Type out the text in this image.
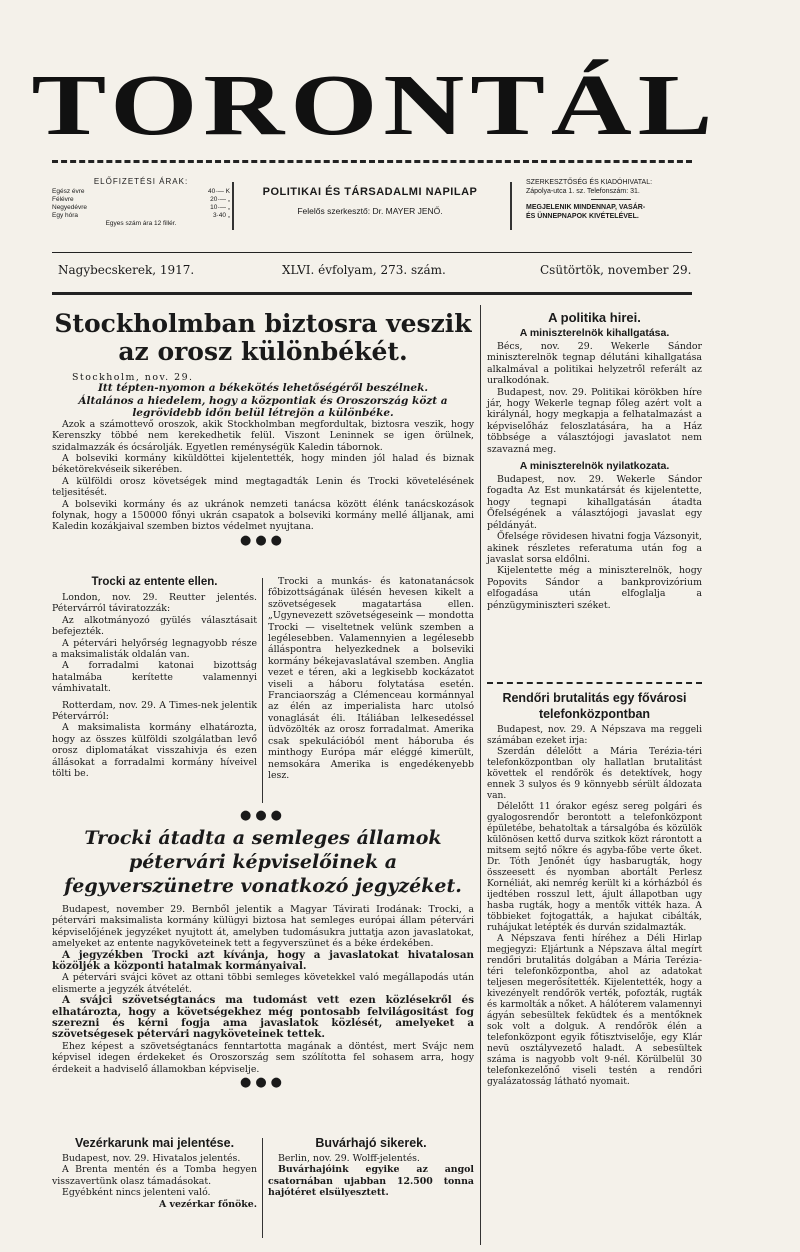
TORONTÁL
ELŐFIZETÉSI ÁRAK:
Egész évre	40·— K
Félévre	20·— „
Negyedévre	10·— „
Egy hóra	3·40 „
Egyes szám ára 12 fillér.
POLITIKAI ÉS TÁRSADALMI NAPILAP
Felelős szerkesztő: Dr. MAYER JENŐ.
SZERKESZTŐSÉG ÉS KIADÓHIVATAL:
Zápolya-utca 1. sz. Telefonszám: 31.
MEGJELENIK MINDENNAP, VASÁR-
ÉS ÜNNEPNAPOK KIVÉTELÉVEL.
Nagybecskerek, 1917.	XLVI. évfolyam, 273. szám.	Csütörtök, november 29.
Stockholmban biztosra veszik az orosz különbékét.
Stockholm, nov. 29.
Itt tépten-nyomon a békekötés lehetőségéről beszélnek.
Általános a hiedelem, hogy a központiak és Oroszország közt a legrövidebb időn belül létrejön a különbéke.

Azok a számottevő oroszok, akik Stockholmban megfordultak, biztosra veszik, hogy Kerenszky többé nem kerekedhetik felül. Viszont Leninnek se igen örülnek, szidalmazzák és ócsárolják. Egyetlen reménységük Kaledin tábornok.

A bolseviki kormány kiküldöttei kijelentették, hogy minden jól halad és biznak béketörekvéseik sikerében.

A külföldi orosz követségek mind megtagadták Lenin és Trocki követelésének teljesitését.

A bolseviki kormány és az ukránok nemzeti tanácsa között élénk tanácskozások folynak, hogy a 150000 főnyi ukrán csapatok a bolseviki kormány mellé álljanak, ami Kaledin kozákjaival szemben biztos védelmet nyujtana.

●●●
Trocki az entente ellen.

London, nov. 29. Reutter jelentés. Pétervárról táviratozzák:

Az alkotmányozó gyülés választásait befejezték.

A pétervári helyőrség legnagyobb része a maksimalisták oldalán van.

A forradalmi katonai bizottság hatalmába kerítette valamennyi vámhivatalt.

Rotterdam, nov. 29. A Times-nek jelentik Pétervárról:

A maksimalista kormány elhatározta, hogy az összes külföldi szolgálatban levő orosz diplomatákat visszahivja és ezen állásokat a forradalmi kormány híveivel tölti be.

Trocki a munkás- és katonatanácsok főbizottságának ülésén hevesen kikelt a szövetségesek magatartása ellen. „Ugynevezett szövetségeseink — mondotta Trocki — viseltetnek velünk szemben a legélesebben. Valamennyien a legélesebb álláspontra helyezkednek a bolseviki kormány békejavaslatával szemben. Anglia vezet e téren, aki a legkisebb kockázatot viseli a háboru folytatása esetén. Franciaország a Clémenceau kormánnyal az élén az imperialista harc utolsó vonaglását éli. Itáliában lelkesedéssel üdvözölték az orosz forradalmat. Amerika csak spekulációból ment háboruba és minthogy Európa már eléggé kimerült, nemsokára Amerika is engedékenyebb lesz.

●●●
Trocki átadta a semleges államok pétervári képviselőinek a fegyverszünetre vonatkozó jegyzéket.

Budapest, november 29. Bernből jelentik a Magyar Távirati Irodának: Trocki, a pétervári maksimalista kormány külügyi biztosa hat semleges európai állam pétervári képviselőjének jegyzéket nyujtott át, amelyben tudomásukra juttatja azon javaslatokat, amelyeket az entente nagyköveteinek tett a fegyverszünet és a béke érdekében.

A jegyzékben Trocki azt kívánja, hogy a javaslatokat hivatalosan közöljék a központi hatalmak kormányaival.

A pétervári svájci követ az ottani többi semleges követekkel való megállapodás után elismerte a jegyzék átvételét.

A svájci szövetségtanács ma tudomást vett ezen közlésekről és elhatározta, hogy a követségekhez még pontosabb felvilágositást fog szerezni és kérni fogja ama javaslatok közlését, amelyeket a szövetségesek pétervári nagyköveteinek tettek.

Ehez képest a szövetségtanács fenntartotta magának a döntést, mert Svájc nem képvisel idegen érdekeket és Oroszország sem szólította fel sohasem arra, hogy érdekeit a hadviselő államokban képviselje.

●●●
Vezérkarunk mai jelentése.

Budapest, nov. 29. Hivatalos jelentés.

A Brenta mentén és a Tomba hegyen visszavertünk olasz támadásokat.

Egyébként nincs jelenteni való.

A vezérkar főnöke.
Buvárhajó sikerek.

Berlin, nov. 29. Wolff-jelentés.

Buvárhajóink egyike az angol csatornában ujabban 12.500 tonna hajótéret elsülyesztett.

A politika hirei.
A miniszterelnök kihallgatása.

Bécs, nov. 29. Wekerle Sándor miniszterelnök tegnap délutáni kihallgatása alkalmával a politikai helyzetről referált az uralkodónak.

Budapest, nov. 29. Politikai körökben híre jár, hogy Wekerle tegnap főleg azért volt a királynál, hogy megkapja a felhatalmazást a képviselőház feloszlatására, ha a Ház többsége a választójogi javaslatot nem szavazná meg.

A miniszterelnök nyilatkozata.

Budapest, nov. 29. Wekerle Sándor fogadta Az Est munkatársát és kijelentette, hogy tegnapi kihallgatásán átadta Őfelségének a választójogi javaslat egy példányát.

Őfelsége rövidesen hivatni fogja Vázsonyit, akinek részletes referatuma után fog a javaslat sorsa eldőlni.

Kijelentette még a miniszterelnök, hogy Popovits Sándor a bankprovizórium elfogadása után elfoglalja a pénzügyminiszteri széket.

Rendőri brutalitás egy fővárosi telefonközpontban

Budapest, nov. 29. A Népszava ma reggeli számában ezeket irja:

Szerdán délelőtt a Mária Terézia-téri telefonközpontban oly hallatlan brutalitást követtek el rendőrök és detektívek, hogy ennek 3 sulyos és 9 könnyebb sérült áldozata van.

Délelőtt 11 órakor egész sereg polgári és gyalogosrendőr berontott a telefonközpont épületébe, behatoltak a társalgóba és közülök különösen kettő durva szitkok közt rárontott a mitsem sejtő nőkre és agyba-főbe verte őket. Dr. Tóth Jenőnét úgy hasbarugták, hogy összeesett és nyomban abortált Perlesz Kornéliát, aki nemrég került ki a kórházból és ijedtében rosszul lett, ájult állapotban ugy hasba rugták, hogy a mentők vitték haza. A többieket fojtogatták, a hajukat cibálták, ruhájukat letépték és durván szidalmazták.

A Népszava fenti híréhez a Déli Hirlap megjegyzi: Eljártunk a Népszava által megírt rendőri brutalitás dolgában a Mária Terézia-téri telefonközpontba, ahol az adatokat teljesen megerősítették. Kijelentették, hogy a kivezényelt rendőrök verték, pofozták, rugták és karmolták a nőket. A hálóterem valamennyi ágyán sebesültek feküdtek és a mentőknek sok volt a dolguk. A rendőrök élén a telefonközpont egyik főtisztviselője, egy Klár nevü osztályvezető haladt. A sebesültek száma is nagyobb volt 9-nél. Körülbelül 30 telefonkezelőnő viseli testén a rendőri gyalázatosság látható nyomait.
